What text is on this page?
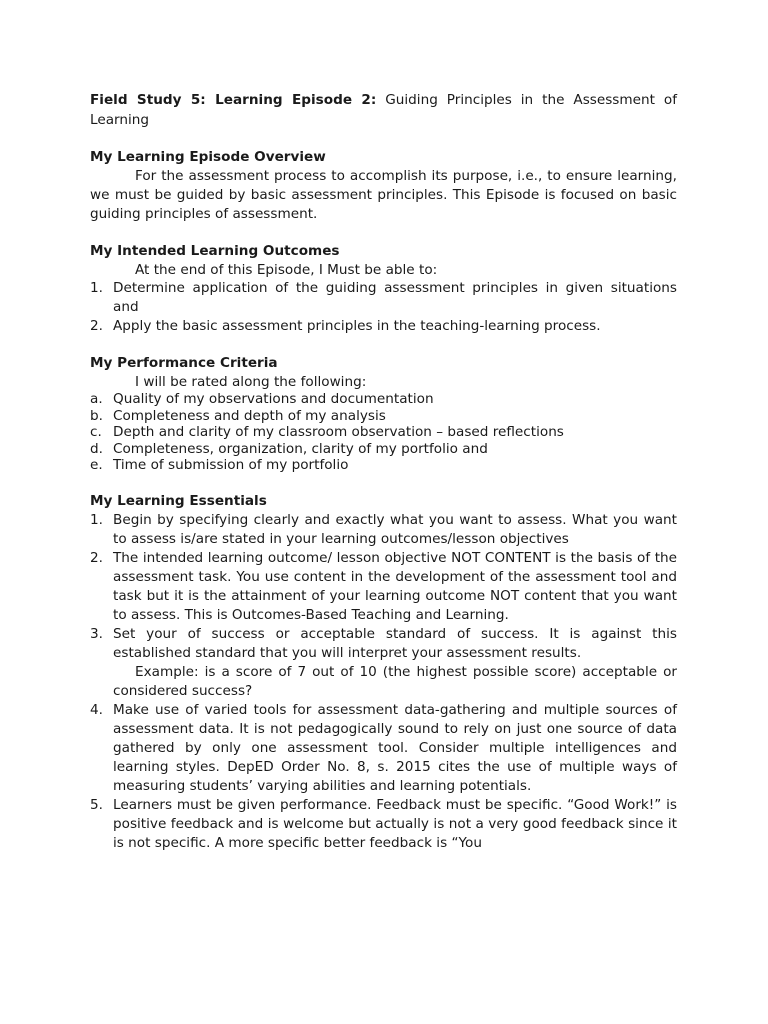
Field Study 5: Learning Episode 2: Guiding Principles in the Assessment of Learning
My Learning Episode Overview

For the assessment process to accomplish its purpose, i.e., to ensure learning, we must be guided by basic assessment principles. This Episode is focused on basic guiding principles of assessment.

My Intended Learning Outcomes
At the end of this Episode, I Must be able to:
1. Determine application of the guiding assessment principles in given situations and
2. Apply the basic assessment principles in the teaching-learning process.
My Performance Criteria
I will be rated along the following:
a. Quality of my observations and documentation
b. Completeness and depth of my analysis
c. Depth and clarity of my classroom observation – based reflections
d. Completeness, organization, clarity of my portfolio and
e. Time of submission of my portfolio
My Learning Essentials
1. Begin by specifying clearly and exactly what you want to assess. What you want to assess is/are stated in your learning outcomes/lesson objectives
2. The intended learning outcome/ lesson objective NOT CONTENT is the basis of the assessment task. You use content in the development of the assessment tool and task but it is the attainment of your learning outcome NOT content that you want to assess. This is Outcomes-Based Teaching and Learning.
3. Set your of success or acceptable standard of success. It is against this established standard that you will interpret your assessment results.
Example: is a score of 7 out of 10 (the highest possible score) acceptable or considered success?
4. Make use of varied tools for assessment data-gathering and multiple sources of assessment data. It is not pedagogically sound to rely on just one source of data gathered by only one assessment tool. Consider multiple intelligences and learning styles. DepED Order No. 8, s. 2015 cites the use of multiple ways of measuring students’ varying abilities and learning potentials.
5. Learners must be given performance. Feedback must be specific. “Good Work!” is positive feedback and is welcome but actually is not a very good feedback since it is not specific. A more specific better feedback is “You
